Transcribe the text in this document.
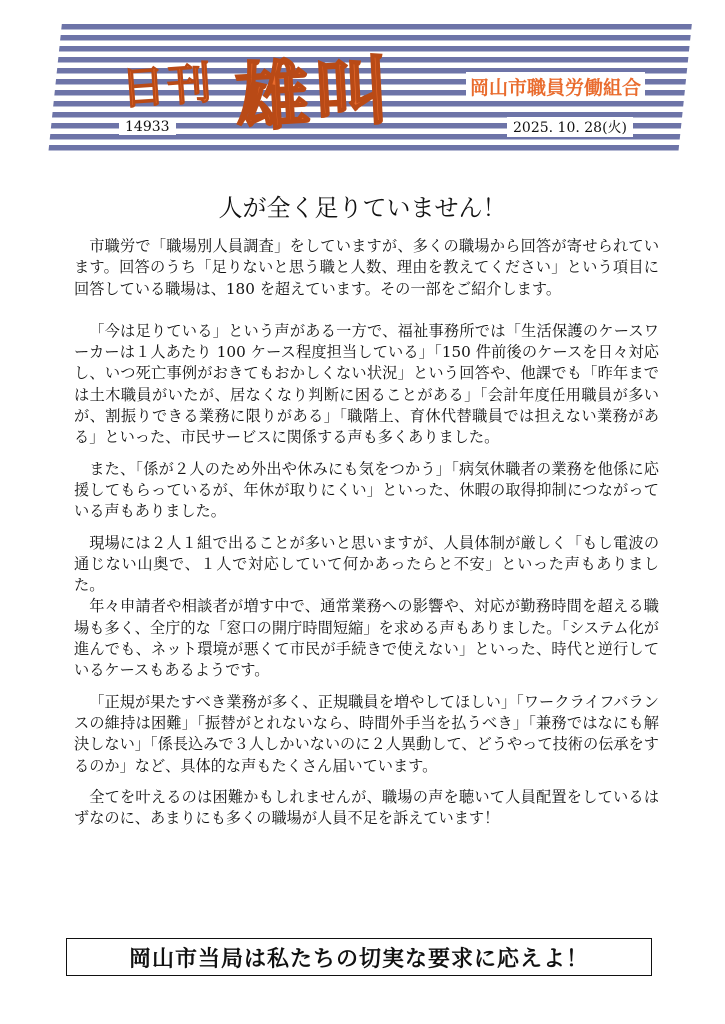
日刊 雄叫	岡山市職員労働組合
14933	2025. 10. 28(火)
人が全く足りていません！

市職労で「職場別人員調査」をしていますが、多くの職場から回答が寄せられています。回答のうち「足りないと思う職と人数、理由を教えてください」という項目に回答している職場は、180 を超えています。その一部をご紹介します。

「今は足りている」という声がある一方で、福祉事務所では「生活保護のケースワーカーは１人あたり 100 ケース程度担当している」「150 件前後のケースを日々対応し、いつ死亡事例がおきてもおかしくない状況」という回答や、他課でも「昨年までは土木職員がいたが、居なくなり判断に困ることがある」「会計年度任用職員が多いが、割振りできる業務に限りがある」「職階上、育休代替職員では担えない業務がある」といった、市民サービスに関係する声も多くありました。

また、「係が２人のため外出や休みにも気をつかう」「病気休職者の業務を他係に応援してもらっているが、年休が取りにくい」といった、休暇の取得抑制につながっている声もありました。

現場には２人１組で出ることが多いと思いますが、人員体制が厳しく「もし電波の通じない山奥で、１人で対応していて何かあったらと不安」といった声もありました。

年々申請者や相談者が増す中で、通常業務への影響や、対応が勤務時間を超える職場も多く、全庁的な「窓口の開庁時間短縮」を求める声もありました。「システム化が進んでも、ネット環境が悪くて市民が手続きで使えない」といった、時代と逆行しているケースもあるようです。

「正規が果たすべき業務が多く、正規職員を増やしてほしい」「ワークライフバランスの維持は困難」「振替がとれないなら、時間外手当を払うべき」「兼務ではなにも解決しない」「係長込みで３人しかいないのに２人異動して、どうやって技術の伝承をするのか」など、具体的な声もたくさん届いています。

全てを叶えるのは困難かもしれませんが、職場の声を聴いて人員配置をしているはずなのに、あまりにも多くの職場が人員不足を訴えています！

岡山市当局は私たちの切実な要求に応えよ！
